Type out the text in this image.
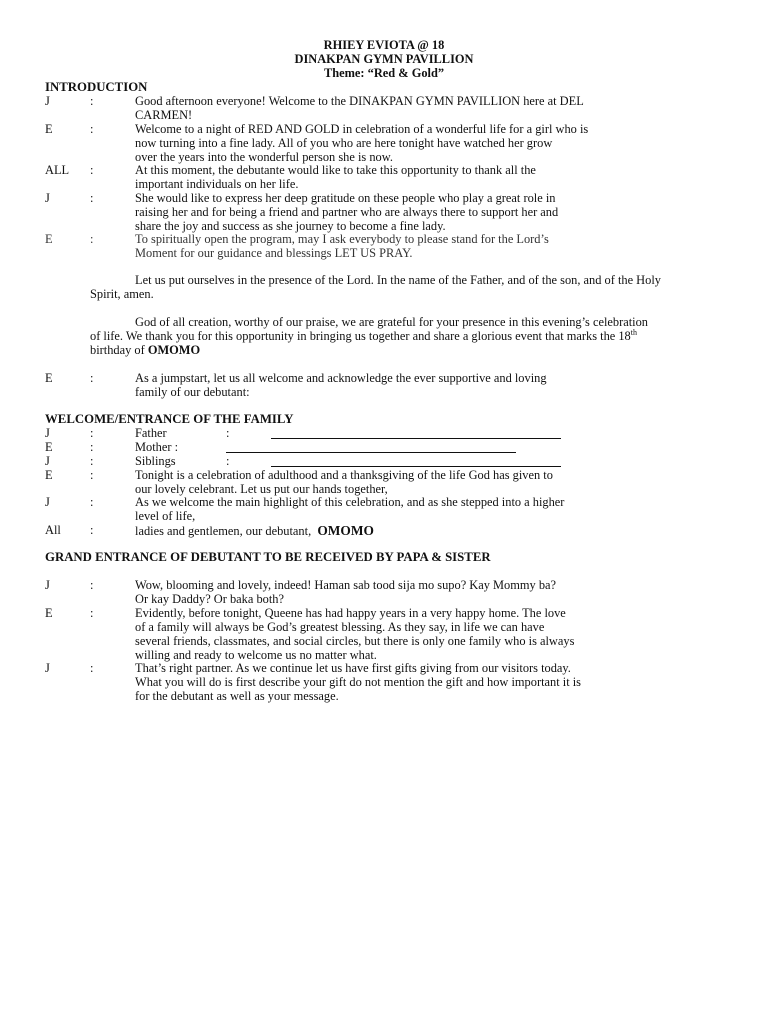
RHIEY EVIOTA @ 18
DINAKPAN GYMN PAVILLION
Theme: “Red & Gold”
INTRODUCTION
J	:	Good afternoon everyone! Welcome to the DINAKPAN GYMN PAVILLION here at DEL
CARMEN!
E	:	Welcome to a night of RED AND GOLD in celebration of a wonderful life for a girl who is
now turning into a fine lady. All of you who are here tonight have watched her grow
over the years into the wonderful person she is now.
ALL	:	At this moment, the debutante would like to take this opportunity to thank all the
important individuals on her life.
J	:	She would like to express her deep gratitude on these people who play a great role in
raising her and for being a friend and partner who are always there to support her and
share the joy and success as she journey to become a fine lady.
E	:	To spiritually open the program, may I ask everybody to please stand for the Lord’s
Moment for our guidance and blessings LET US PRAY.
Let us put ourselves in the presence of the Lord. In the name of the Father, and of the son, and of the Holy
Spirit, amen.
God of all creation, worthy of our praise, we are grateful for your presence in this evening’s celebration
of life. We thank you for this opportunity in bringing us together and share a glorious event that marks the 18th
birthday of OMOMO
E	:	As a jumpstart, let us all welcome and acknowledge the ever supportive and loving
family of our debutant:
WELCOME/ENTRANCE OF THE FAMILY
J	:	Father	:
E	:	Mother :
J	:	Siblings	:
E	:	Tonight is a celebration of adulthood and a thanksgiving of the life God has given to
our lovely celebrant. Let us put our hands together,
J	:	As we welcome the main highlight of this celebration, and as she stepped into a higher
level of life,
All	:	ladies and gentlemen, our debutant, OMOMO
GRAND ENTRANCE OF DEBUTANT TO BE RECEIVED BY PAPA & SISTER
J	:	Wow, blooming and lovely, indeed! Haman sab tood sija mo supo? Kay Mommy ba?
Or kay Daddy? Or baka both?
E	:	Evidently, before tonight, Queene has had happy years in a very happy home. The love
of a family will always be God’s greatest blessing. As they say, in life we can have
several friends, classmates, and social circles, but there is only one family who is always
willing and ready to welcome us no matter what.
J	:	That’s right partner. As we continue let us have first gifts giving from our visitors today.
What you will do is first describe your gift do not mention the gift and how important it is
for the debutant as well as your message.
